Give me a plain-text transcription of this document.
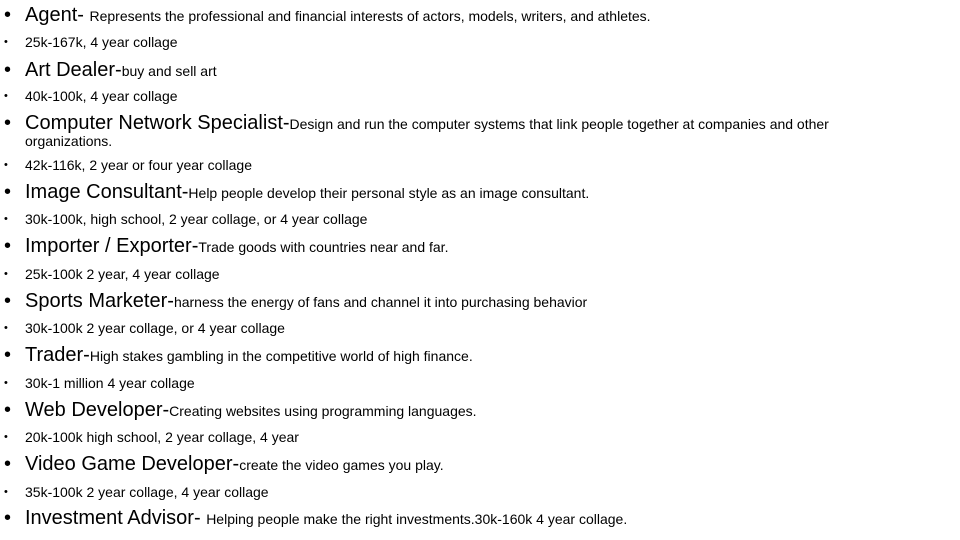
• Agent- Represents the professional and financial interests of actors, models, writers, and athletes.
• 25k-167k, 4 year collage
• Art Dealer-buy and sell art
• 40k-100k, 4 year collage
• Computer Network Specialist-Design and run the computer systems that link people together at companies and other
organizations.
• 42k-116k, 2 year or four year collage
• Image Consultant-Help people develop their personal style as an image consultant.
• 30k-100k, high school, 2 year collage, or 4 year collage
• Importer / Exporter-Trade goods with countries near and far.
• 25k-100k 2 year, 4 year collage
• Sports Marketer-harness the energy of fans and channel it into purchasing behavior
• 30k-100k 2 year collage, or 4 year collage
• Trader-High stakes gambling in the competitive world of high finance.
• 30k-1 million 4 year collage
• Web Developer-Creating websites using programming languages.
• 20k-100k high school, 2 year collage, 4 year
• Video Game Developer-create the video games you play.
• 35k-100k 2 year collage, 4 year collage
• Investment Advisor- Helping people make the right investments.30k-160k 4 year collage.
